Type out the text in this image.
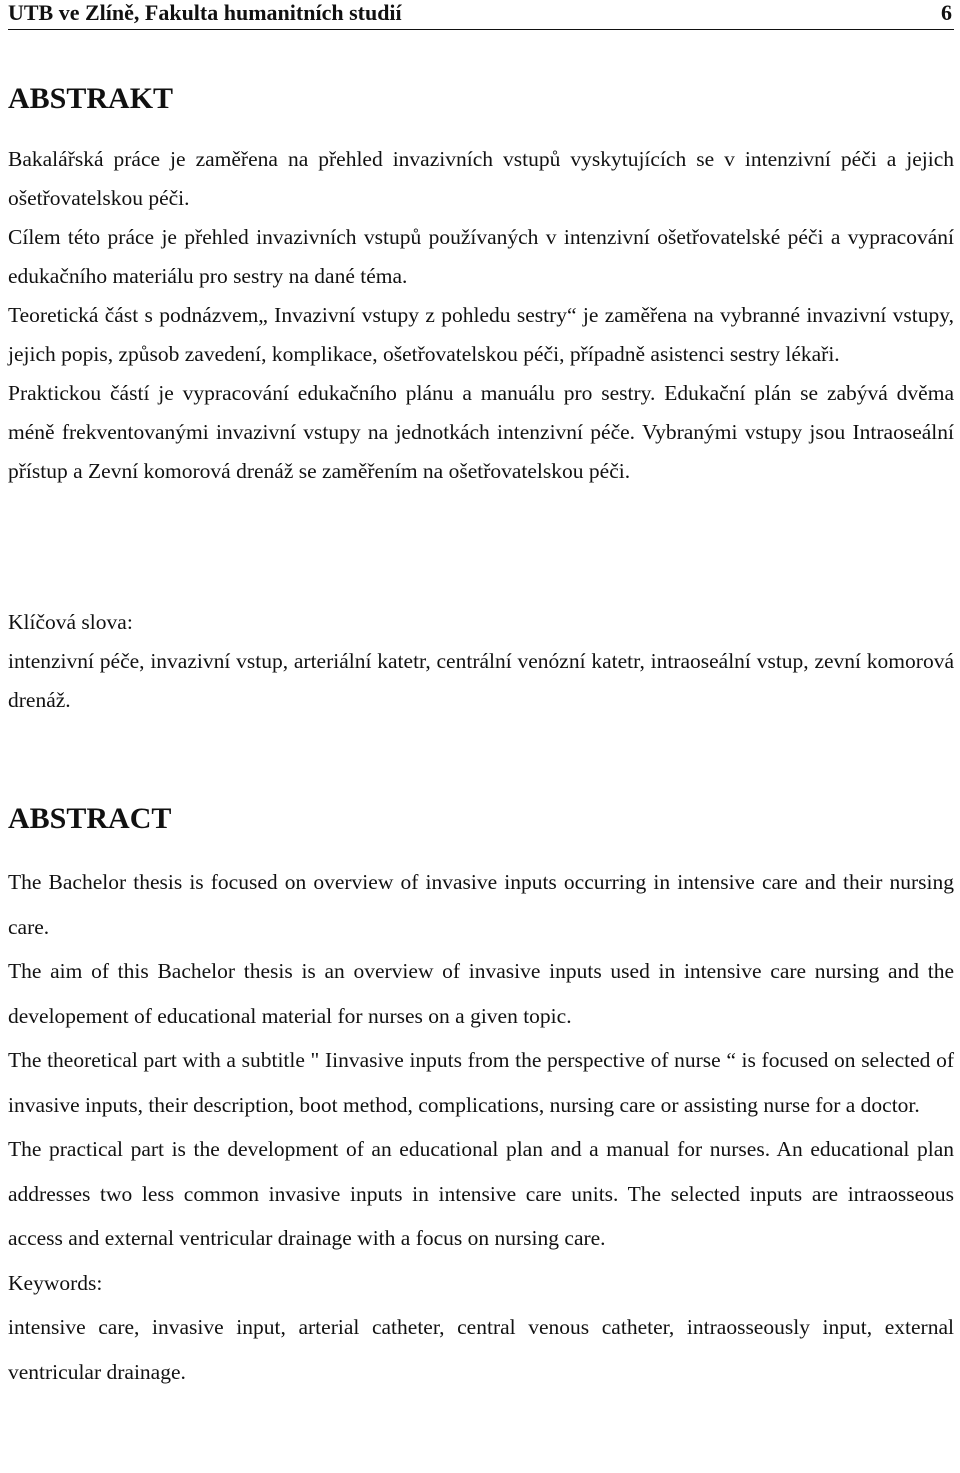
UTB ve Zlíně, Fakulta humanitních studií	6
ABSTRAKT

Bakalářská práce je zaměřena na přehled invazivních vstupů vyskytujících se v intenzivní péči a jejich ošetřovatelskou péči.

Cílem této práce je přehled invazivních vstupů používaných v intenzivní ošetřovatelské péči a vypracování edukačního materiálu pro sestry na dané téma.

Teoretická část s podnázvem„ Invazivní vstupy z pohledu sestry“ je zaměřena na vybranné invazivní vstupy, jejich popis, způsob zavedení, komplikace, ošetřovatelskou péči, případně asistenci sestry lékaři.

Praktickou částí je vypracování edukačního plánu a manuálu pro sestry. Edukační plán se zabývá dvěma méně frekventovanými invazivní vstupy na jednotkách intenzivní péče. Vybranými vstupy jsou Intraoseální přístup a Zevní komorová drenáž se zaměřením na ošetřovatelskou péči.

Klíčová slova:

intenzivní péče, invazivní vstup, arteriální katetr, centrální venózní katetr, intraoseální vstup, zevní komorová drenáž.

ABSTRACT

The Bachelor thesis is focused on overview of invasive inputs occurring in intensive care and their nursing care.

The aim of this Bachelor thesis is an overview of invasive inputs used in intensive care nursing and the developement of educational material for nurses on a given topic.

The theoretical part with a subtitle " Iinvasive inputs from the perspective of nurse “ is focused on selected of invasive inputs, their description, boot method, complications, nursing care or assisting nurse for a doctor.

The practical part is the development of an educational plan and a manual for nurses. An educational plan addresses two less common invasive inputs in intensive care units. The selected inputs are intraosseous access and external ventricular drainage with a focus on nursing care.

Keywords:

intensive care, invasive input, arterial catheter, central venous catheter, intraosseously input, external ventricular drainage.
